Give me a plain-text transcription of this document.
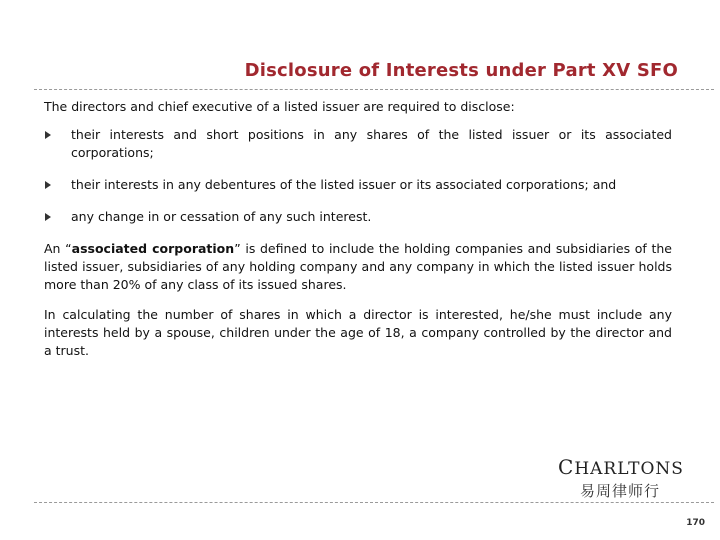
Disclosure of Interests under Part XV SFO

The directors and chief executive of a listed issuer are required to disclose:

their interests and short positions in any shares of the listed issuer or its associated corporations;
their interests in any debentures of the listed issuer or its associated corporations; and
any change in or cessation of any such interest.

An “associated corporation” is defined to include the holding companies and subsidiaries of the listed issuer, subsidiaries of any holding company and any company in which the listed issuer holds more than 20% of any class of its issued shares.

In calculating the number of shares in which a director is interested, he/she must include any interests held by a spouse, children under the age of 18, a company controlled by the director and a trust.

CHARLTONS
易周律师行
170
